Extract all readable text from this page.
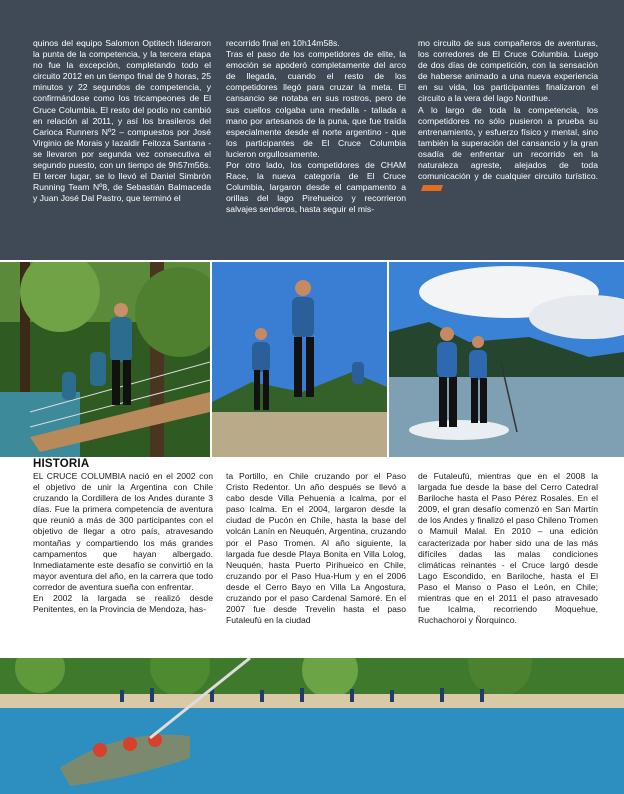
quinos del equipo Salomon Optitech lideraron la punta de la competencia, y la tercera etapa no fue la excepción, completando todo el circuito 2012 en un tiempo final de 9 horas, 25 minutos y 22 segundos de competencia, y confirmándose como los tricampeones de El Cruce Columbia. El resto del podio no cambió en relación al 2011, y así los brasileros del Carioca Runners Nº2 – compuestos por José Virginio de Morais y Iazaldir Feitoza Santana - se llevaron por segunda vez consecutiva el segundo puesto, con un tiempo de 9h57m56s. El tercer lugar, se lo llevó el Daniel Simbrón Running Team Nº8, de Sebastián Balmaceda y Juan José Dal Pastro, que terminó el

recorrido final en 10h14m58s.

Tras el paso de los competidores de elite, la emoción se apoderó completamente del arco de llegada, cuando el resto de los competidores llegó para cruzar la meta. El cansancio se notaba en sus rostros, pero de sus cuellos colgaba una medalla - tallada a mano por artesanos de la puna, que fue traída especialmente desde el norte argentino - que los participantes de El Cruce Columbia lucieron orgullosamente.

Por otro lado, los competidores de CHAM Race, la nueva categoría de El Cruce Columbia, largaron desde el campamento a orillas del lago Pirehueico y recorrieron salvajes senderos, hasta seguir el mis-

mo circuito de sus compañeros de aventuras, los corredores de El Cruce Columbia. Luego de dos días de competición, con la sensación de haberse animado a una nueva experiencia en su vida, los participantes finalizaron el circuito a la vera del lago Nonthue.

A lo largo de toda la competencia, los competidores no sólo pusieron a prueba su entrenamiento, y esfuerzo físico y mental, sino también la superación del cansancio y la gran osadía de enfrentar un recorrido en la naturaleza agreste, alejados de toda comunicación y de cualquier circuito turístico.

HISTORIA

EL CRUCE COLUMBIA nació en el 2002 con el objetivo de unir la Argentina con Chile cruzando la Cordillera de los Andes durante 3 días. Fue la primera competencia de aventura que reunió a más de 300 participantes con el objetivo de llegar a otro país, atravesando montañas y compartiendo los más grandes campamentos que hayan albergado. Inmediatamente este desafío se convirtió en la mayor aventura del año, en la carrera que todo corredor de aventura sueña con enfrentar.

En 2002 la largada se realizó desde Penitentes, en la Provincia de Mendoza, has-

ta Portillo, en Chile cruzando por el Paso Cristo Redentor. Un año después se llevó a cabo desde Villa Pehuenia a Icalma, por el paso Icalma. En el 2004, largaron desde la ciudad de Pucón en Chile, hasta la base del volcán Lanín en Neuquén, Argentina, cruzando por el Paso Tromen. Al año siguiente, la largada fue desde Playa Bonita en Villa Lolog, Neuquén, hasta Puerto Pirihueico en Chile, cruzando por el Paso Hua-Hum y en el 2006 desde el Cerro Bayo en Villa La Angostura, cruzando por el paso Cardenal Samoré. En el 2007 fue desde Trevelin hasta el paso Futaleufú en la ciudad

de Futaleufú, mientras que en el 2008 la largada fue desde la base del Cerro Catedral Bariloche hasta el Paso Pérez Rosales. En el 2009, el gran desafío comenzó en San Martín de los Andes y finalizó el paso Chileno Tromen o Mamuil Malal. En 2010 – una edición caracterizada por haber sido una de las más difíciles dadas las malas condiciones climáticas reinantes - el Cruce largó desde Lago Escondido, en Bariloche, hasta el El Paso el Manso o Paso el León, en Chile; mientras que en el 2011 el paso atravesado fue Icalma, recorriendo Moquehue, Ruchachoroi y Ñorquinco.
